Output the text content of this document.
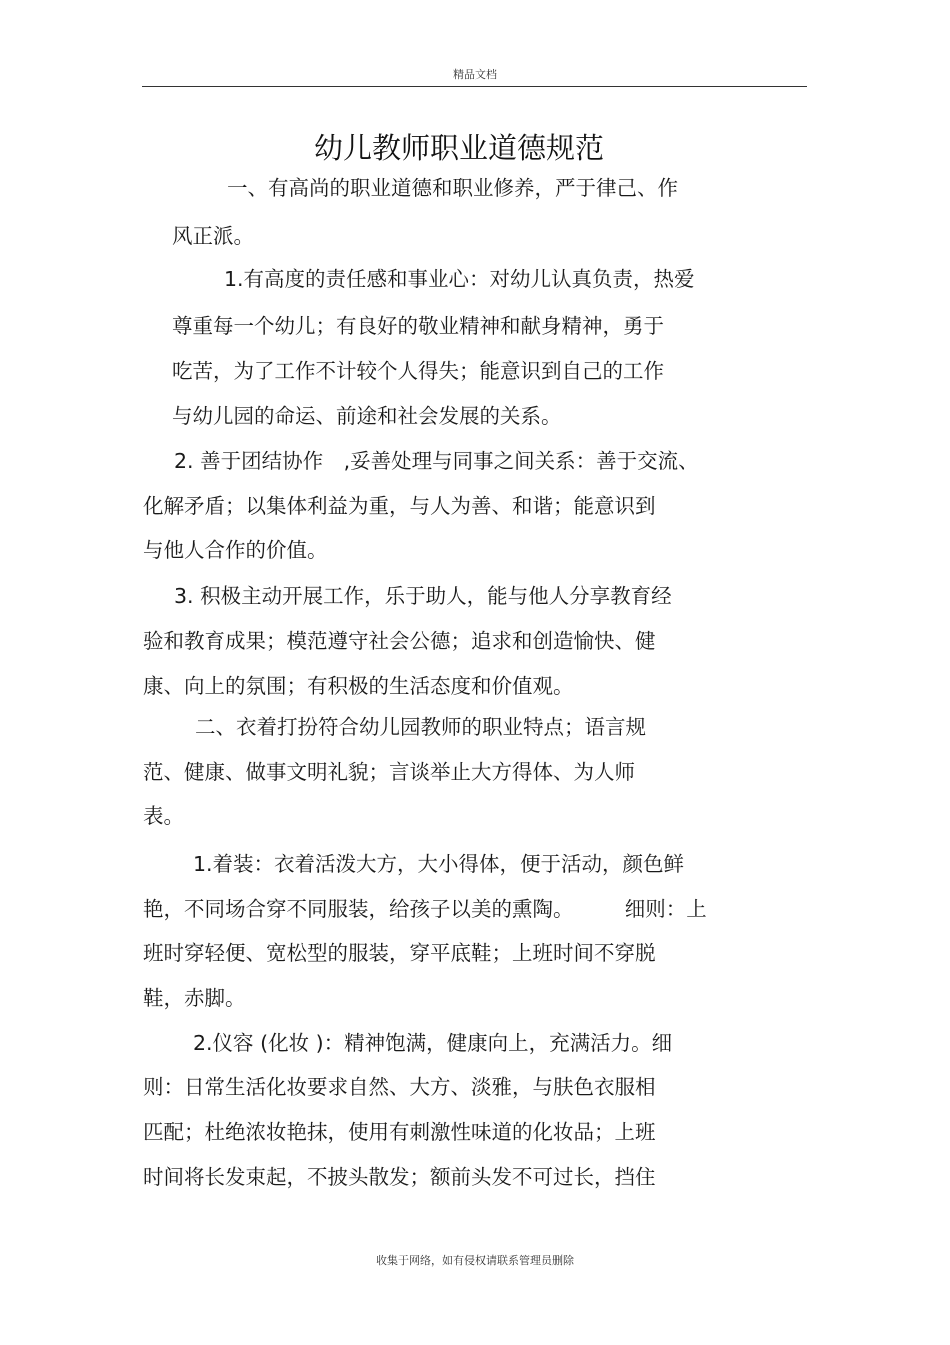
精品文档
幼儿教师职业道德规范
一、有高尚的职业道德和职业修养，严于律己、作
风正派。
1.有高度的责任感和事业心：对幼儿认真负责，热爱
尊重每一个幼儿；有良好的敬业精神和献身精神，勇于
吃苦，为了工作不计较个人得失；能意识到自己的工作
与幼儿园的命运、前途和社会发展的关系。
2. 善于团结协作　,妥善处理与同事之间关系：善于交流、
化解矛盾；以集体利益为重，与人为善、和谐；能意识到
与他人合作的价值。
3. 积极主动开展工作，乐于助人，能与他人分享教育经
验和教育成果；模范遵守社会公德；追求和创造愉快、健
康、向上的氛围；有积极的生活态度和价值观。
二、衣着打扮符合幼儿园教师的职业特点；语言规
范、健康、做事文明礼貌；言谈举止大方得体、为人师
表。
1.着装：衣着活泼大方，大小得体，便于活动，颜色鲜
艳，不同场合穿不同服装，给孩子以美的熏陶。　　　细则：上
班时穿轻便、宽松型的服装，穿平底鞋；上班时间不穿脱
鞋，赤脚。
2.仪容 (化妆 )：精神饱满，健康向上，充满活力。细
则：日常生活化妆要求自然、大方、淡雅，与肤色衣服相
匹配；杜绝浓妆艳抹，使用有刺激性味道的化妆品；上班
时间将长发束起，不披头散发；额前头发不可过长，挡住
收集于网络，如有侵权请联系管理员删除
